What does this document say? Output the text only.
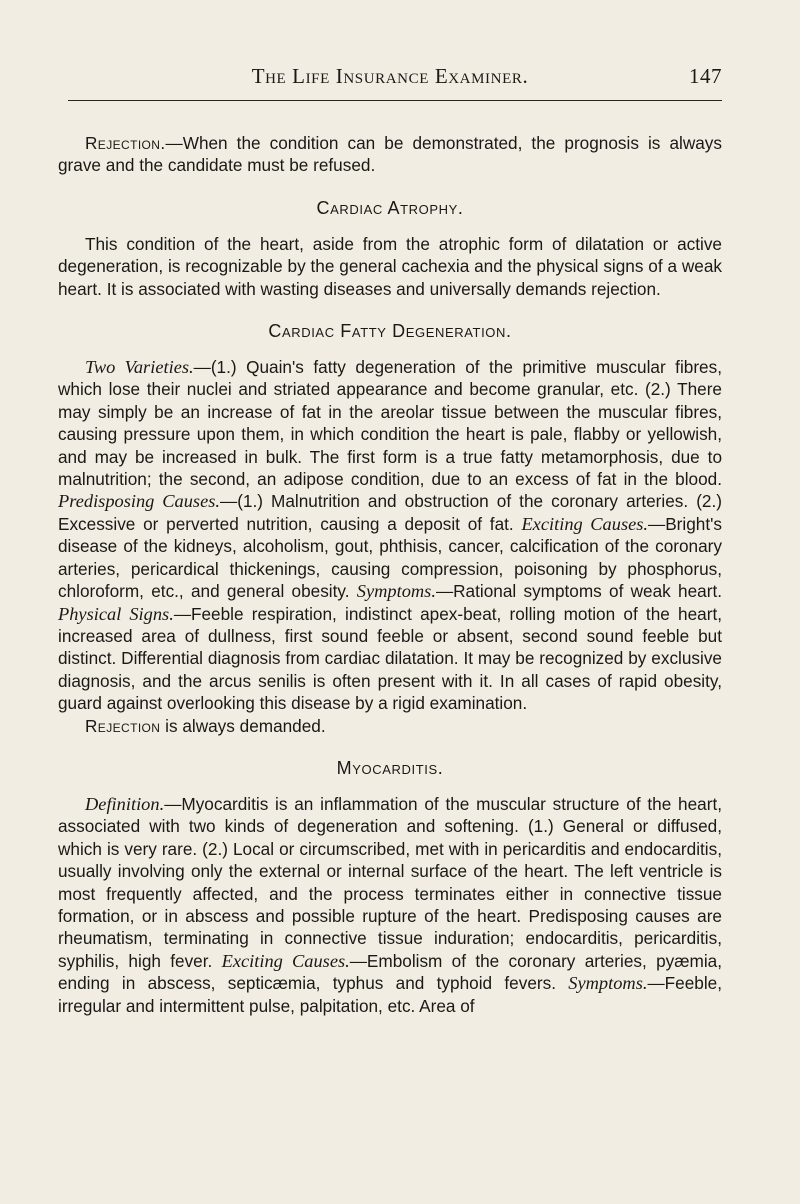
The Life Insurance Examiner.	147

Rejection.—When the condition can be demonstrated, the prognosis is always grave and the candidate must be refused.

Cardiac Atrophy.

This condition of the heart, aside from the atrophic form of dilatation or active degeneration, is recognizable by the general cachexia and the physical signs of a weak heart. It is associated with wasting diseases and universally demands rejection.

Cardiac Fatty Degeneration.

Two Varieties.—(1.) Quain's fatty degeneration of the primitive muscular fibres, which lose their nuclei and striated appearance and become granular, etc. (2.) There may simply be an increase of fat in the areolar tissue between the muscular fibres, causing pressure upon them, in which condition the heart is pale, flabby or yellowish, and may be increased in bulk. The first form is a true fatty metamorphosis, due to malnutrition; the second, an adipose condition, due to an excess of fat in the blood. Predisposing Causes.—(1.) Malnutrition and obstruction of the coronary arteries. (2.) Excessive or perverted nutrition, causing a deposit of fat. Exciting Causes.—Bright's disease of the kidneys, alcoholism, gout, phthisis, cancer, calcification of the coronary arteries, pericardical thickenings, causing compression, poisoning by phosphorus, chloroform, etc., and general obesity. Symptoms.—Rational symptoms of weak heart. Physical Signs.—Feeble respiration, indistinct apex-beat, rolling motion of the heart, increased area of dullness, first sound feeble or absent, second sound feeble but distinct. Differential diagnosis from cardiac dilatation. It may be recognized by exclusive diagnosis, and the arcus senilis is often present with it. In all cases of rapid obesity, guard against overlooking this disease by a rigid examination.

Rejection is always demanded.

Myocarditis.

Definition.—Myocarditis is an inflammation of the muscular structure of the heart, associated with two kinds of degeneration and softening. (1.) General or diffused, which is very rare. (2.) Local or circumscribed, met with in pericarditis and endocarditis, usually involving only the external or internal surface of the heart. The left ventricle is most frequently affected, and the process terminates either in connective tissue formation, or in abscess and possible rupture of the heart. Predisposing causes are rheumatism, terminating in connective tissue induration; endocarditis, pericarditis, syphilis, high fever. Exciting Causes.—Embolism of the coronary arteries, pyæmia, ending in abscess, septicæmia, typhus and typhoid fevers. Symptoms.—Feeble, irregular and intermittent pulse, palpitation, etc. Area of
